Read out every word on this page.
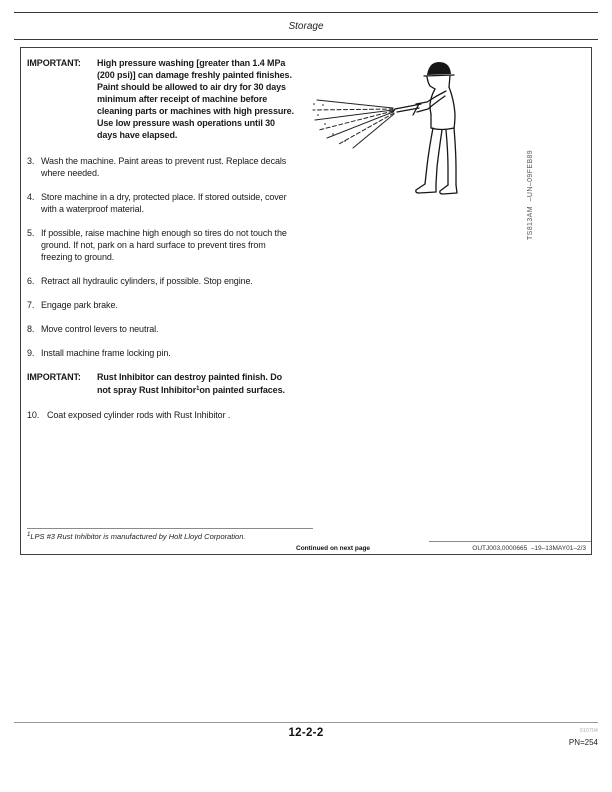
Storage
IMPORTANT:	High pressure washing [greater than 1.4 MPa (200 psi)] can damage freshly painted finishes. Paint should be allowed to air dry for 30 days minimum after receipt of machine before cleaning parts or machines with high pressure. Use low pressure wash operations until 30 days have elapsed.
3. Wash the machine. Paint areas to prevent rust. Replace decals where needed.
4. Store machine in a dry, protected place. If stored outside, cover with a waterproof material.
5. If possible, raise machine high enough so tires do not touch the ground. If not, park on a hard surface to prevent tires from freezing to ground.
6. Retract all hydraulic cylinders, if possible. Stop engine.
7. Engage park brake.
8. Move control levers to neutral.
9. Install machine frame locking pin.
IMPORTANT:	Rust Inhibitor can destroy painted finish. Do not spray Rust Inhibitor$^1$on painted surfaces.
10. Coat exposed cylinder rods with Rust Inhibitor .
TS813AM  –UN–09FEB89
$^1$LPS #3 Rust Inhibitor is manufactured by Holt Lloyd Corporation.
Continued on next page	OUTJ003,0000665  –19–13MAY01–2/3
12-2-2	010704
PN=254
